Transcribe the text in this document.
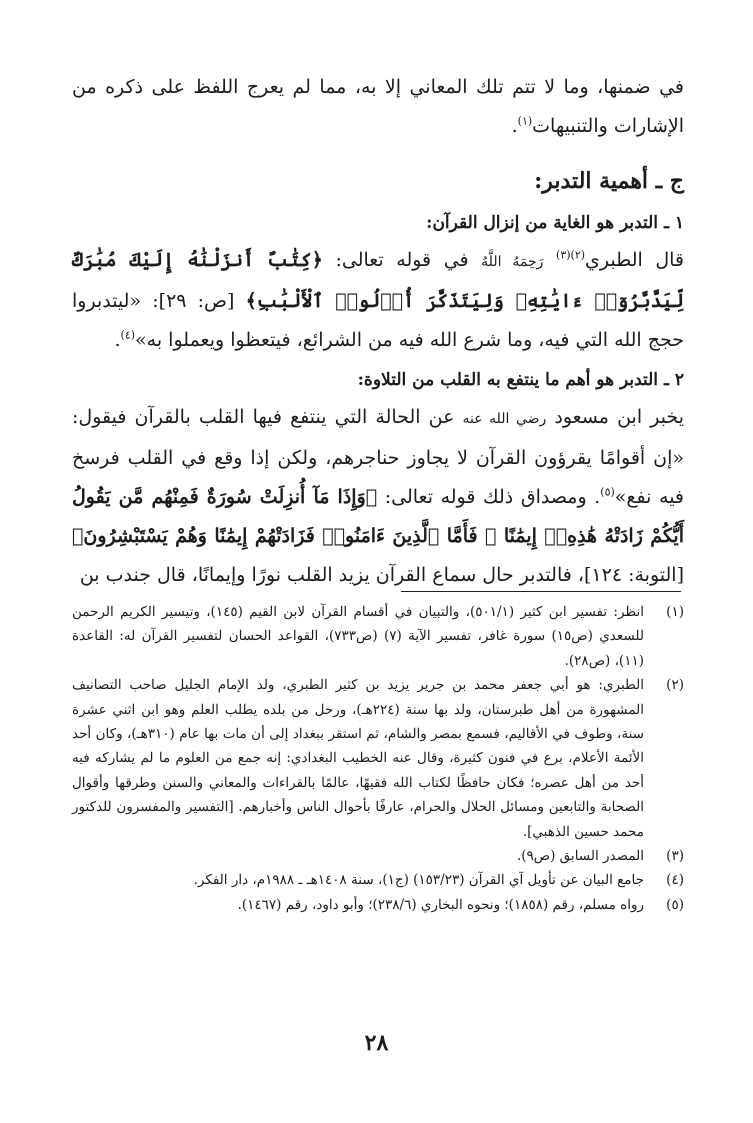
في ضمنها، وما لا تتم تلك المعاني إلا به، مما لم يعرج اللفظ على ذكره من الإشارات والتنبيهات$^{(١)}$.

ج ـ أهمية التدبر:
١ ـ التدبر هو الغاية من إنزال القرآن:

قال الطبري$^{(٢)(٣)}$ رَحِمَهُ اللَّهُ في قوله تعالى: ﴿كِتَٰبٌ أَنزَلْنَٰهُ إِلَيْكَ مُبَٰرَكٌ لِّيَدَّبَّرُوٓا۟ ءَايَٰتِهِۦ وَلِيَتَذَكَّرَ أُو۟لُوا۟ ٱلْأَلْبَٰبِ﴾ [ص: ٢٩]: «ليتدبروا حجج الله التي فيه، وما شرع الله فيه من الشرائع، فيتعظوا ويعملوا به»$^{(٤)}$.

٢ ـ التدبر هو أهم ما ينتفع به القلب من التلاوة:

يخبر ابن مسعود رضي الله عنه عن الحالة التي ينتفع فيها القلب بالقرآن فيقول: «إن أقوامًا يقرؤون القرآن لا يجاوز حناجرهم، ولكن إذا وقع في القلب فرسخ فيه نفع»$^{(٥)}$. ومصداق ذلك قوله تعالى: ﴿وَإِذَا مَآ أُنزِلَتْ سُورَةٌ فَمِنْهُم مَّن يَقُولُ أَيُّكُمْ زَادَتْهُ هَٰذِهِۦٓ إِيمَٰنًا ۚ فَأَمَّا ٱلَّذِينَ ءَامَنُوا۟ فَزَادَتْهُمْ إِيمَٰنًا وَهُمْ يَسْتَبْشِرُونَ﴾ [التوبة: ١٢٤]، فالتدبر حال سماع القرآن يزيد القلب نورًا وإيمانًا، قال جندب بن

(١)
انظر: تفسير ابن كثير (٥٠١/١)، والتبيان في أقسام القرآن لابن القيم (١٤٥)، وتيسير الكريم الرحمن للسعدي (ص١٥) سورة غافر، تفسير الآية (٧) (ص٧٣٣)، القواعد الحسان لتفسير القرآن له: القاعدة (١١)، (ص٢٨).

(٢)
الطبري: هو أبي جعفر محمد بن جرير يزيد بن كثير الطبري، ولد الإمام الجليل صاحب التصانيف المشهورة من أهل طبرستان، ولد بها سنة (٢٢٤هـ)، ورحل من بلده يطلب العلم وهو ابن اثني عشرة سنة، وطوف في الأقاليم، فسمع بمصر والشام، ثم استقر ببغداد إلى أن مات بها عام (٣١٠هـ)، وكان أحد الأئمة الأعلام، برع في فنون كثيرة، وقال عنه الخطيب البغدادي: إنه جمع من العلوم ما لم يشاركه فيه أحد من أهل عصره؛ فكان حافظًا لكتاب الله فقيهًا، عالمًا بالقراءات والمعاني والسنن وطرقها وأقوال الصحابة والتابعين ومسائل الحلال والحرام، عارفًا بأحوال الناس وأخبارهم. [التفسير والمفسرون للدكتور محمد حسين الذهبي].

(٣)
المصدر السابق (ص٩).

(٤)
جامع البيان عن تأويل آي القرآن (١٥٣/٢٣) (ج١)، سنة ١٤٠٨هـ ـ ١٩٨٨م، دار الفكر.

(٥)
رواه مسلم، رقم (١٨٥٨)؛ ونحوه البخاري (٢٣٨/٦)؛ وأبو داود، رقم (١٤٦٧).

٢٨
